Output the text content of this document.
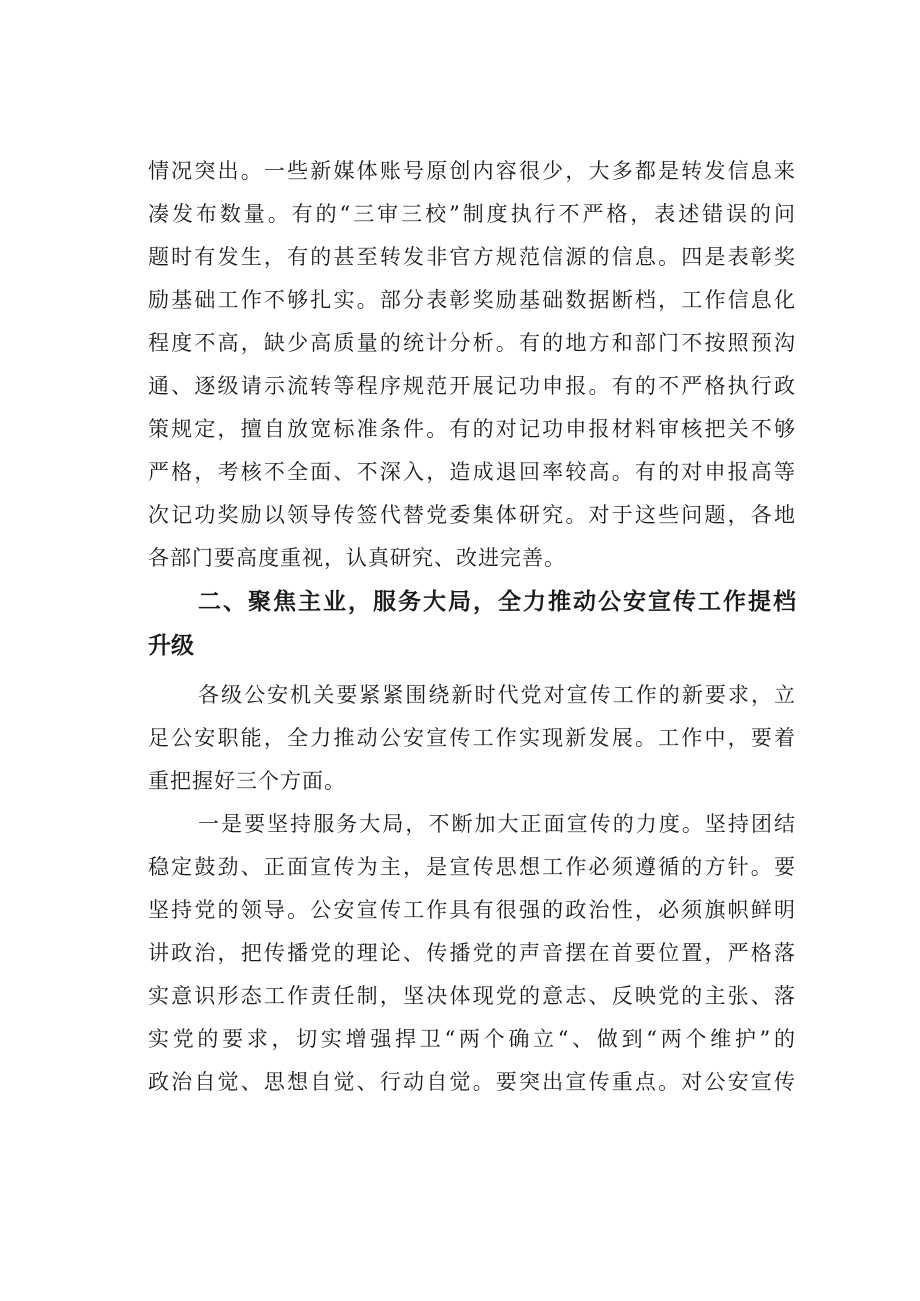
情况突出。一些新媒体账号原创内容很少，大多都是转发信息来
凑发布数量。有的“三审三校”制度执行不严格，表述错误的问
题时有发生，有的甚至转发非官方规范信源的信息。四是表彰奖
励基础工作不够扎实。部分表彰奖励基础数据断档，工作信息化
程度不高，缺少高质量的统计分析。有的地方和部门不按照预沟
通、逐级请示流转等程序规范开展记功申报。有的不严格执行政
策规定，擅自放宽标准条件。有的对记功申报材料审核把关不够
严格，考核不全面、不深入，造成退回率较高。有的对申报高等
次记功奖励以领导传签代替党委集体研究。对于这些问题，各地
各部门要高度重视，认真研究、改进完善。
二、聚焦主业，服务大局，全力推动公安宣传工作提档
升级
各级公安机关要紧紧围绕新时代党对宣传工作的新要求，立
足公安职能，全力推动公安宣传工作实现新发展。工作中，要着
重把握好三个方面。
一是要坚持服务大局，不断加大正面宣传的力度。坚持团结
稳定鼓劲、正面宣传为主，是宣传思想工作必须遵循的方针。要
坚持党的领导。公安宣传工作具有很强的政治性，必须旗帜鲜明
讲政治，把传播党的理论、传播党的声音摆在首要位置，严格落
实意识形态工作责任制，坚决体现党的意志、反映党的主张、落
实党的要求，切实增强捍卫“两个确立“、做到“两个维护”的
政治自觉、思想自觉、行动自觉。要突出宣传重点。对公安宣传
